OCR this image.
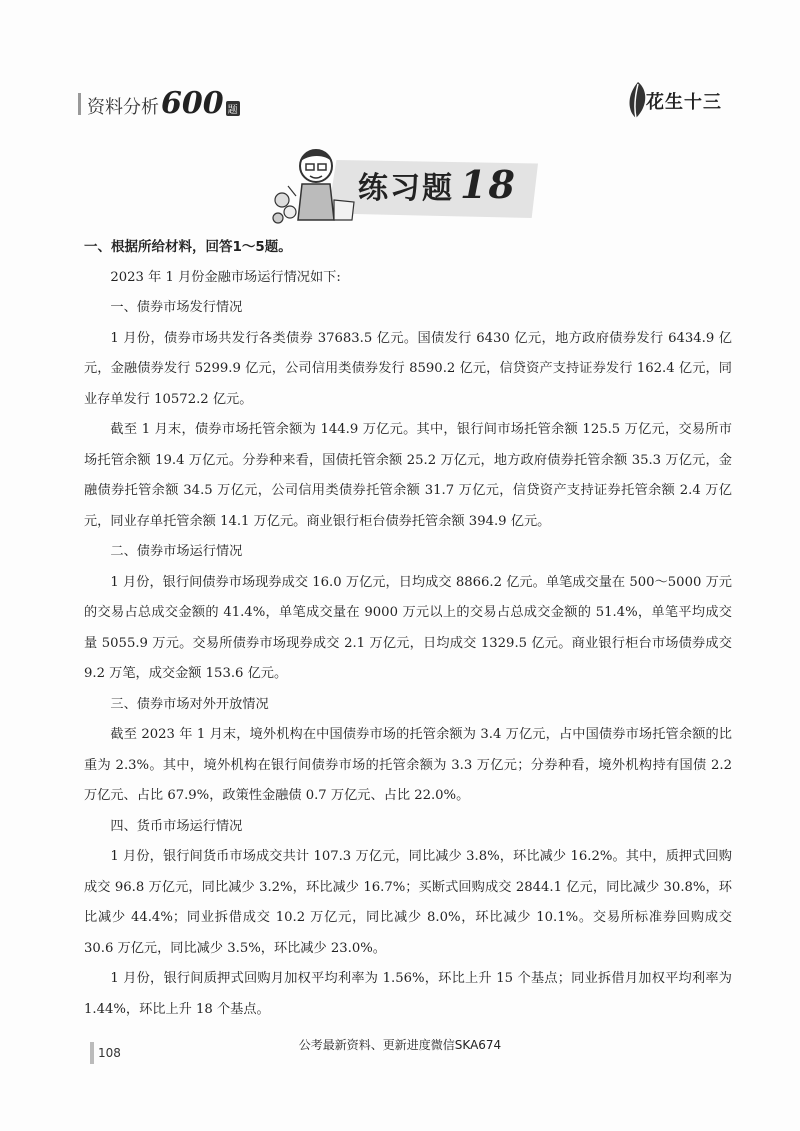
资料分析 600 题	花生十三
练习题 18

一、根据所给材料，回答1～5题。

2023 年 1 月份金融市场运行情况如下:

一、债券市场发行情况

1 月份，债券市场共发行各类债券 37683.5 亿元。国债发行 6430 亿元，地方政府债券发行 6434.9 亿元，金融债券发行 5299.9 亿元，公司信用类债券发行 8590.2 亿元，信贷资产支持证券发行 162.4 亿元，同业存单发行 10572.2 亿元。

截至 1 月末，债券市场托管余额为 144.9 万亿元。其中，银行间市场托管余额 125.5 万亿元，交易所市场托管余额 19.4 万亿元。分券种来看，国债托管余额 25.2 万亿元，地方政府债券托管余额 35.3 万亿元，金融债券托管余额 34.5 万亿元，公司信用类债券托管余额 31.7 万亿元，信贷资产支持证券托管余额 2.4 万亿元，同业存单托管余额 14.1 万亿元。商业银行柜台债券托管余额 394.9 亿元。

二、债券市场运行情况

1 月份，银行间债券市场现券成交 16.0 万亿元，日均成交 8866.2 亿元。单笔成交量在 500～5000 万元的交易占总成交金额的 41.4%，单笔成交量在 9000 万元以上的交易占总成交金额的 51.4%，单笔平均成交量 5055.9 万元。交易所债券市场现券成交 2.1 万亿元，日均成交 1329.5 亿元。商业银行柜台市场债券成交 9.2 万笔，成交金额 153.6 亿元。

三、债券市场对外开放情况

截至 2023 年 1 月末，境外机构在中国债券市场的托管余额为 3.4 万亿元，占中国债券市场托管余额的比重为 2.3%。其中，境外机构在银行间债券市场的托管余额为 3.3 万亿元；分券种看，境外机构持有国债 2.2 万亿元、占比 67.9%，政策性金融债 0.7 万亿元、占比 22.0%。

四、货币市场运行情况

1 月份，银行间货币市场成交共计 107.3 万亿元，同比减少 3.8%，环比减少 16.2%。其中，质押式回购成交 96.8 万亿元，同比减少 3.2%，环比减少 16.7%；买断式回购成交 2844.1 亿元，同比减少 30.8%，环比减少 44.4%；同业拆借成交 10.2 万亿元，同比减少 8.0%，环比减少 10.1%。交易所标准券回购成交 30.6 万亿元，同比减少 3.5%，环比减少 23.0%。

1 月份，银行间质押式回购月加权平均利率为 1.56%，环比上升 15 个基点；同业拆借月加权平均利率为 1.44%，环比上升 18 个基点。

108
公考最新资料、更新进度微信SKA674
